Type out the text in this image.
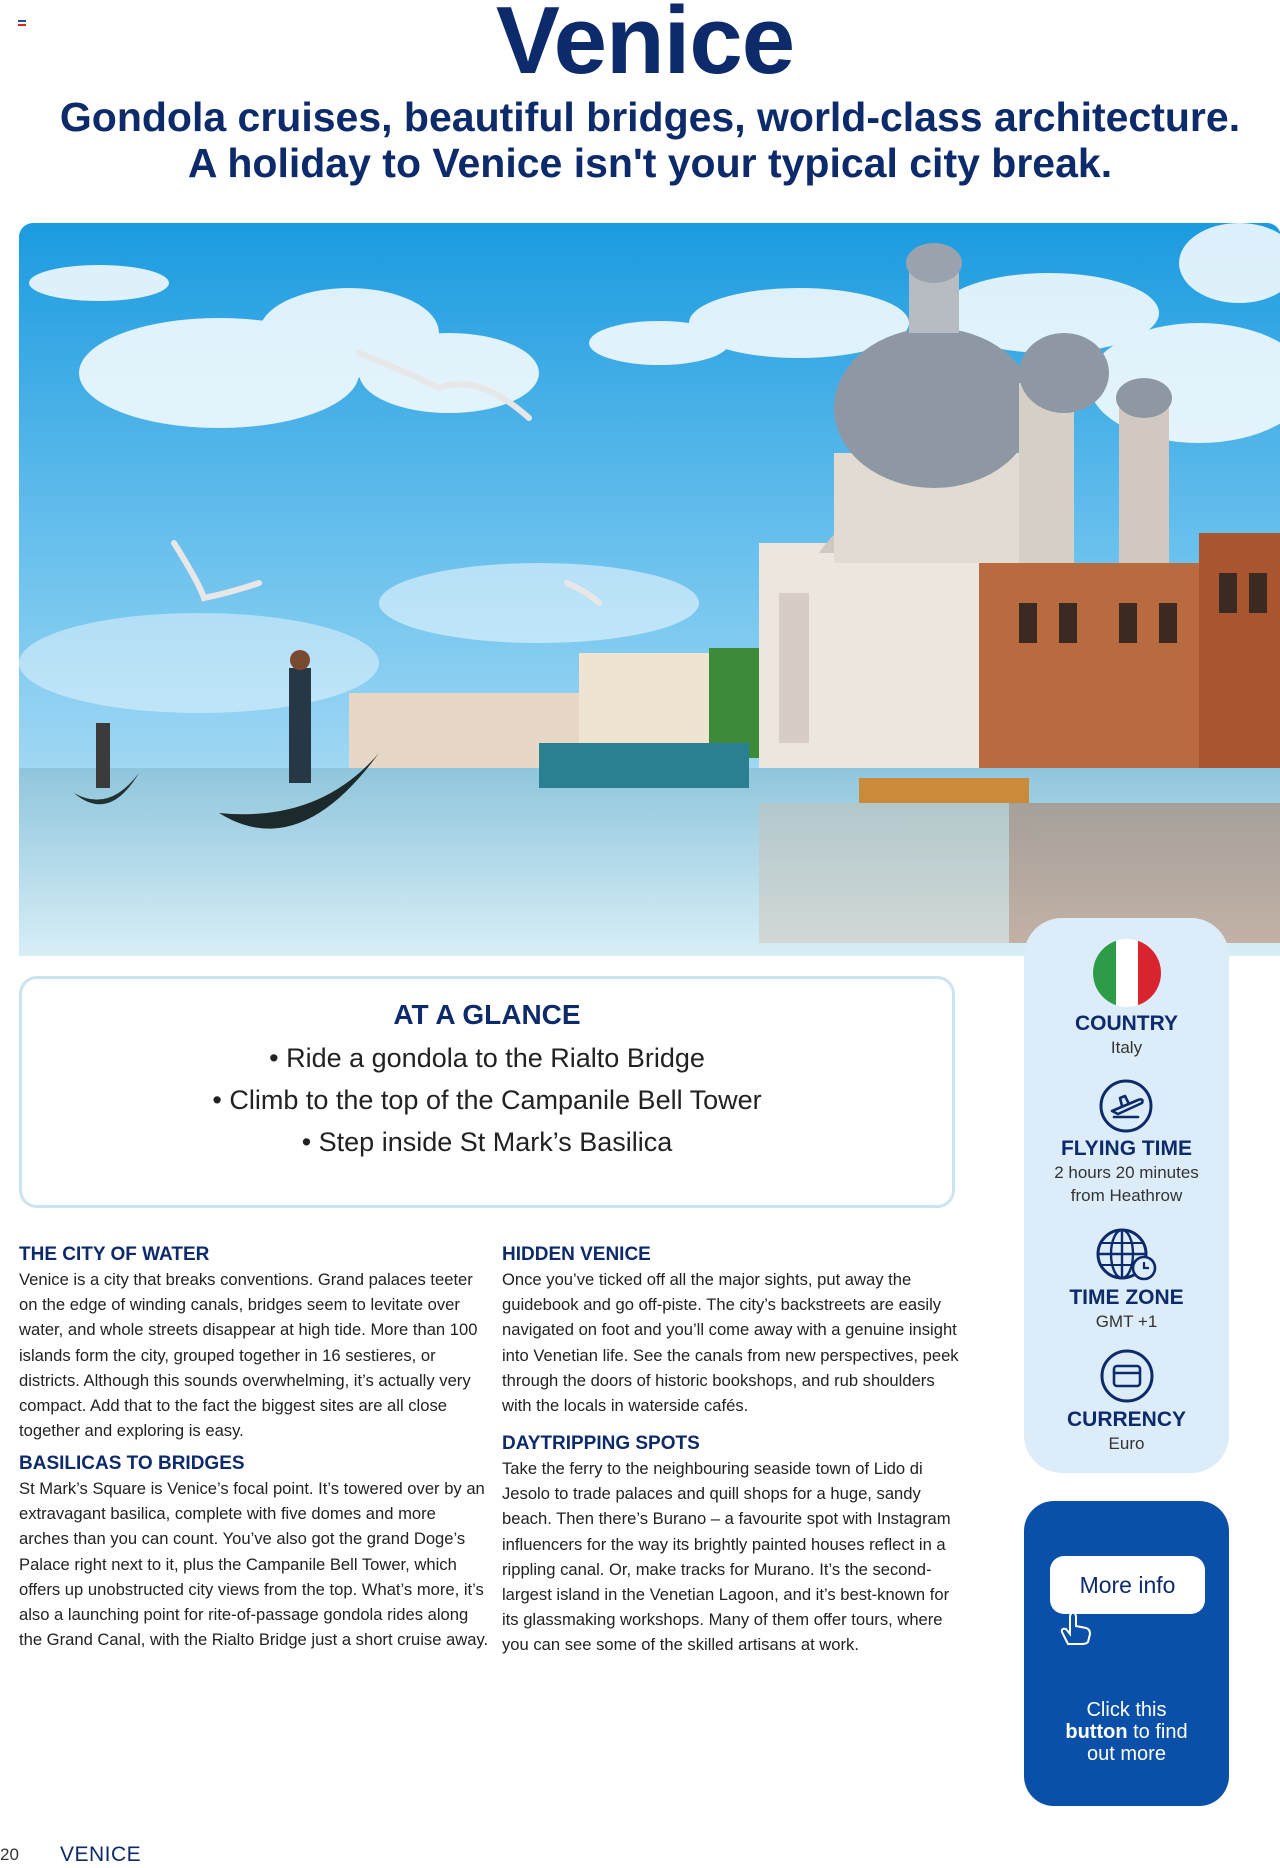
Venice
Gondola cruises, beautiful bridges, world-class architecture.
A holiday to Venice isn't your typical city break.
AT A GLANCE
• Ride a gondola to the Rialto Bridge
• Climb to the top of the Campanile Bell Tower
• Step inside St Mark’s Basilica
THE CITY OF WATER

Venice is a city that breaks conventions. Grand palaces teeter on the edge of winding canals, bridges seem to levitate over water, and whole streets disappear at high tide. More than 100 islands form the city, grouped together in 16 sestieres, or districts. Although this sounds overwhelming, it’s actually very compact. Add that to the fact the biggest sites are all close together and exploring is easy.

BASILICAS TO BRIDGES

St Mark’s Square is Venice’s focal point. It’s towered over by an extravagant basilica, complete with five domes and more arches than you can count. You’ve also got the grand Doge’s Palace right next to it, plus the Campanile Bell Tower, which offers up unobstructed city views from the top. What’s more, it’s also a launching point for rite-of-passage gondola rides along the Grand Canal, with the Rialto Bridge just a short cruise away.

HIDDEN VENICE

Once you’ve ticked off all the major sights, put away the guidebook and go off-piste. The city’s backstreets are easily navigated on foot and you’ll come away with a genuine insight into Venetian life. See the canals from new perspectives, peek through the doors of historic bookshops, and rub shoulders with the locals in waterside cafés.

DAYTRIPPING SPOTS

Take the ferry to the neighbouring seaside town of Lido di Jesolo to trade palaces and quill shops for a huge, sandy beach. Then there’s Burano – a favourite spot with Instagram influencers for the way its brightly painted houses reflect in a rippling canal. Or, make tracks for Murano. It’s the second-largest island in the Venetian Lagoon, and it’s best-known for its glassmaking workshops. Many of them offer tours, where you can see some of the skilled artisans at work.

COUNTRY
Italy
FLYING TIME
2 hours 20 minutes
from Heathrow
TIME ZONE
GMT +1
CURRENCY
Euro
More info
Click this
button to find
out more
20 VENICE
